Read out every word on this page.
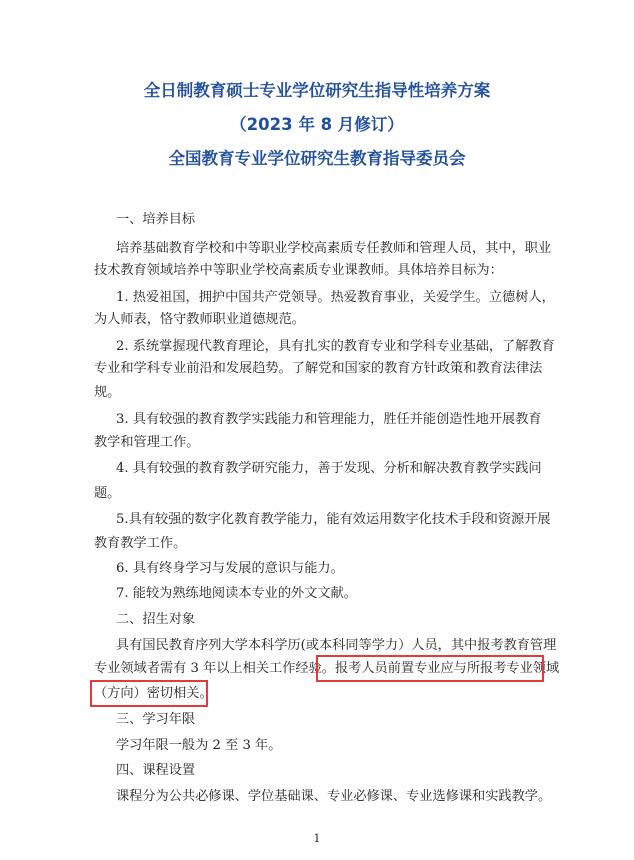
全日制教育硕士专业学位研究生指导性培养方案
（2023 年 8 月修订）
全国教育专业学位研究生教育指导委员会
一、培养目标
培养基础教育学校和中等职业学校高素质专任教师和管理人员，其中，职业
技术教育领域培养中等职业学校高素质专业课教师。具体培养目标为：
1. 热爱祖国，拥护中国共产党领导。热爱教育事业，关爱学生。立德树人，
为人师表，恪守教师职业道德规范。
2. 系统掌握现代教育理论，具有扎实的教育专业和学科专业基础，了解教育
专业和学科专业前沿和发展趋势。了解党和国家的教育方针政策和教育法律法
规。
3. 具有较强的教育教学实践能力和管理能力，胜任并能创造性地开展教育
教学和管理工作。
4. 具有较强的教育教学研究能力，善于发现、分析和解决教育教学实践问
题。
5.具有较强的数字化教育教学能力，能有效运用数字化技术手段和资源开展
教育教学工作。
6. 具有终身学习与发展的意识与能力。
7. 能较为熟练地阅读本专业的外文文献。
二、招生对象
具有国民教育序列大学本科学历(或本科同等学力）人员，其中报考教育管理
专业领域者需有 3 年以上相关工作经验。报考人员前置专业应与所报考专业领域
（方向）密切相关。
三、学习年限
学习年限一般为 2 至 3 年。
四、课程设置
课程分为公共必修课、学位基础课、专业必修课、专业选修课和实践教学。
1
